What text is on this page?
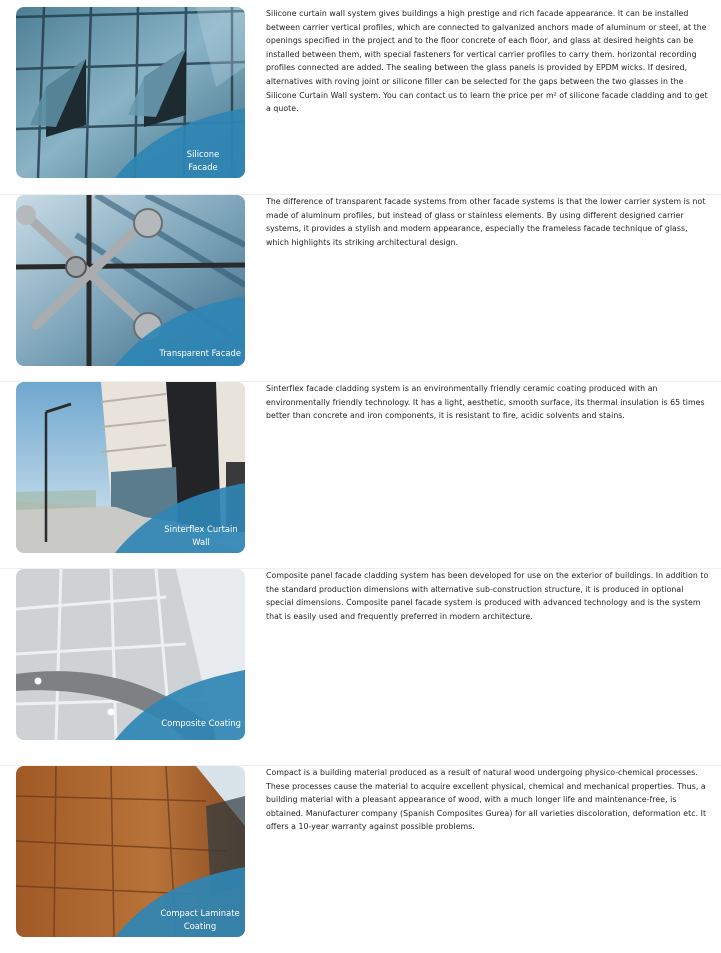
Silicone Facade
Silicone curtain wall system gives buildings a high prestige and rich facade appearance. It can be installed between carrier vertical profiles, which are connected to galvanized anchors made of aluminum or steel, at the openings specified in the project and to the floor concrete of each floor, and glass at desired heights can be installed between them, with special fasteners for vertical carrier profiles to carry them. horizontal recording profiles connected are added. The sealing between the glass panels is provided by EPDM wicks. If desired, alternatives with roving joint or silicone filler can be selected for the gaps between the two glasses in the Silicone Curtain Wall system. You can contact us to learn the price per m² of silicone facade cladding and to get a quote.
Transparent Facade
The difference of transparent facade systems from other facade systems is that the lower carrier system is not made of aluminum profiles, but instead of glass or stainless elements. By using different designed carrier systems, it provides a stylish and modern appearance, especially the frameless facade technique of glass, which highlights its striking architectural design.
Sinterflex Curtain Wall
Sinterflex facade cladding system is an environmentally friendly ceramic coating produced with an environmentally friendly technology. It has a light, aesthetic, smooth surface, its thermal insulation is 65 times better than concrete and iron components, it is resistant to fire, acidic solvents and stains.
Composite Coating
Composite panel facade cladding system has been developed for use on the exterior of buildings. In addition to the standard production dimensions with alternative sub-construction structure, it is produced in optional special dimensions. Composite panel facade system is produced with advanced technology and is the system that is easily used and frequently preferred in modern architecture.
Compact Laminate Coating
Compact is a building material produced as a result of natural wood undergoing physico-chemical processes. These processes cause the material to acquire excellent physical, chemical and mechanical properties. Thus, a building material with a pleasant appearance of wood, with a much longer life and maintenance-free, is obtained. Manufacturer company (Spanish Composites Gurea) for all varieties discoloration, deformation etc. It offers a 10-year warranty against possible problems.
